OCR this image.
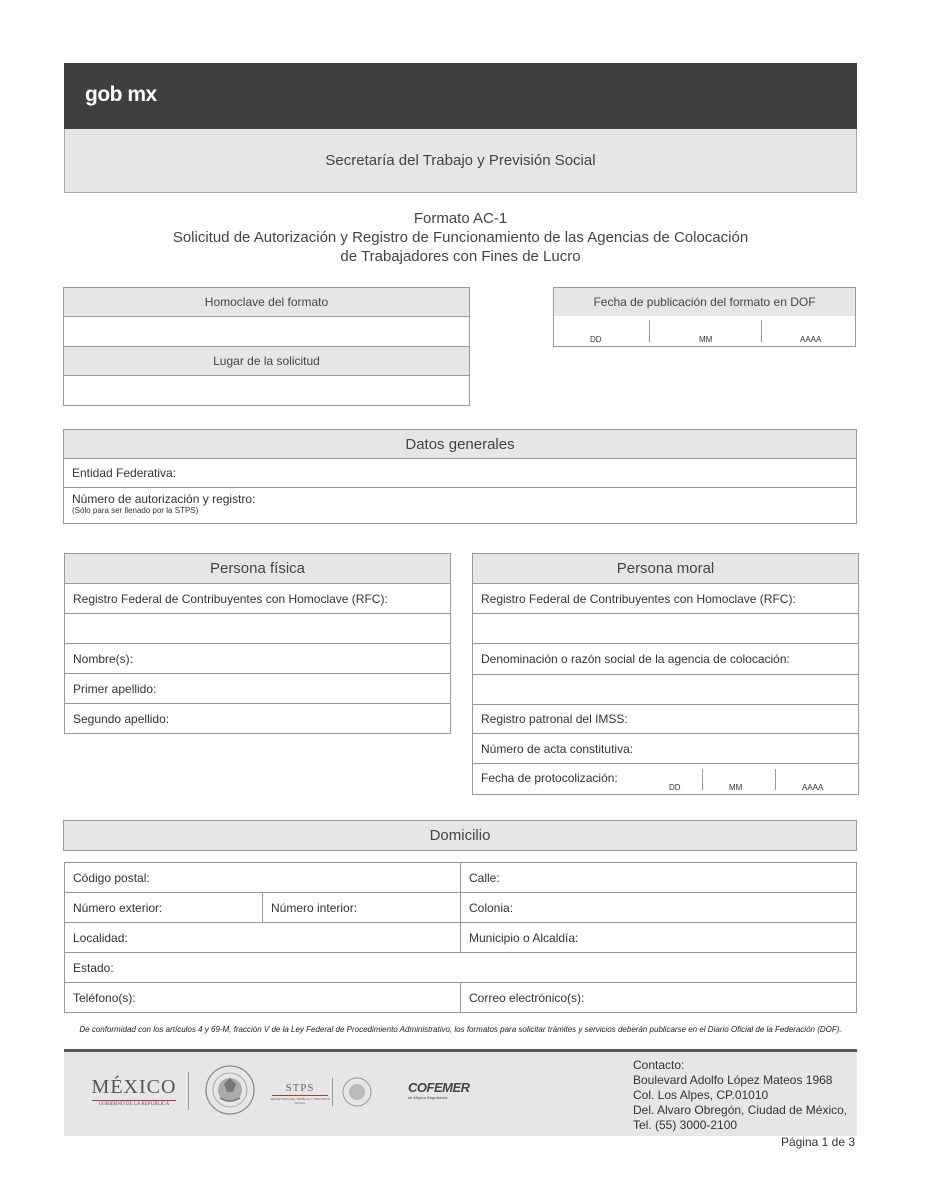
gob mx
Secretaría del Trabajo y Previsión Social
Formato AC-1
Solicitud de Autorización y Registro de Funcionamiento de las Agencias de Colocación
de Trabajadores con Fines de Lucro
Homoclave del formato
Lugar de la solicitud
Fecha de publicación del formato en DOF
DD	MM	AAAA
Datos generales
Entidad Federativa:
Número de autorización y registro:
(Sólo para ser llenado por la STPS)
Persona física
Registro Federal de Contribuyentes con Homoclave (RFC):
Nombre(s):
Primer apellido:
Segundo apellido:
Persona moral
Registro Federal de Contribuyentes con Homoclave (RFC):
Denominación o razón social de la agencia de colocación:
Registro patronal del IMSS:
Número de acta constitutiva:
Fecha de protocolización:
DD	MM	AAAA
Domicilio
Código postal:	Calle:
Número exterior:	Número interior:	Colonia:
Localidad:	Municipio o Alcaldía:
Estado:
Teléfono(s):	Correo electrónico(s):
De conformidad con los artículos 4 y 69-M, fracción V de la Ley Federal de Procedimiento Administrativo, los formatos para solicitar trámites y servicios deberán publicarse en el Diario Oficial de la Federación (DOF).
MÉXICO
GOBIERNO DE LA REPÚBLICA
STPS
SECRETARÍA DEL TRABAJO Y PREVISIÓN SOCIAL
COFEMER
de Mejora Regulatoria
Contacto:
Boulevard Adolfo López Mateos 1968
Col. Los Alpes, CP.01010
Del. Alvaro Obregón, Ciudad de México,
Tel. (55) 3000-2100
Página 1 de 3
